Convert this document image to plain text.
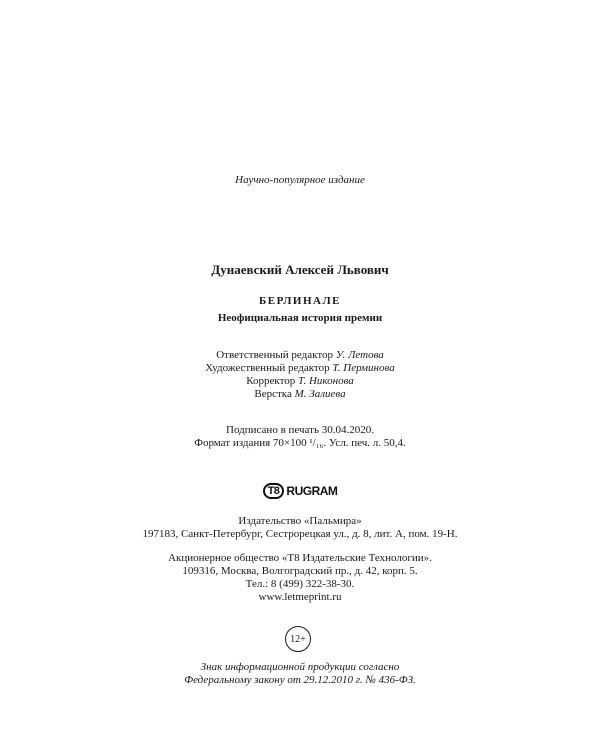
Научно-популярное издание
Дунаевский Алексей Львович
БЕРЛИНАЛЕ
Неофициальная история премии
Ответственный редактор У. Летова
Художественный редактор Т. Перминова
Корректор Т. Никонова
Верстка М. Залиева
Подписано в печать 30.04.2020.
Формат издания 70×100 ¹/₁₆. Усл. печ. л. 50,4.
T8 RUGRAM
Издательство «Пальмира»
197183, Санкт-Петербург, Сестрорецкая ул., д. 8, лит. А, пом. 19-Н.
Акционерное общество «Т8 Издательские Технологии».
109316, Москва, Волгоградский пр., д. 42, корп. 5.
Тел.: 8 (499) 322-38-30.
www.letmeprint.ru
12+
Знак информационной продукции согласно
Федеральному закону от 29.12.2010 г. № 436-ФЗ.
